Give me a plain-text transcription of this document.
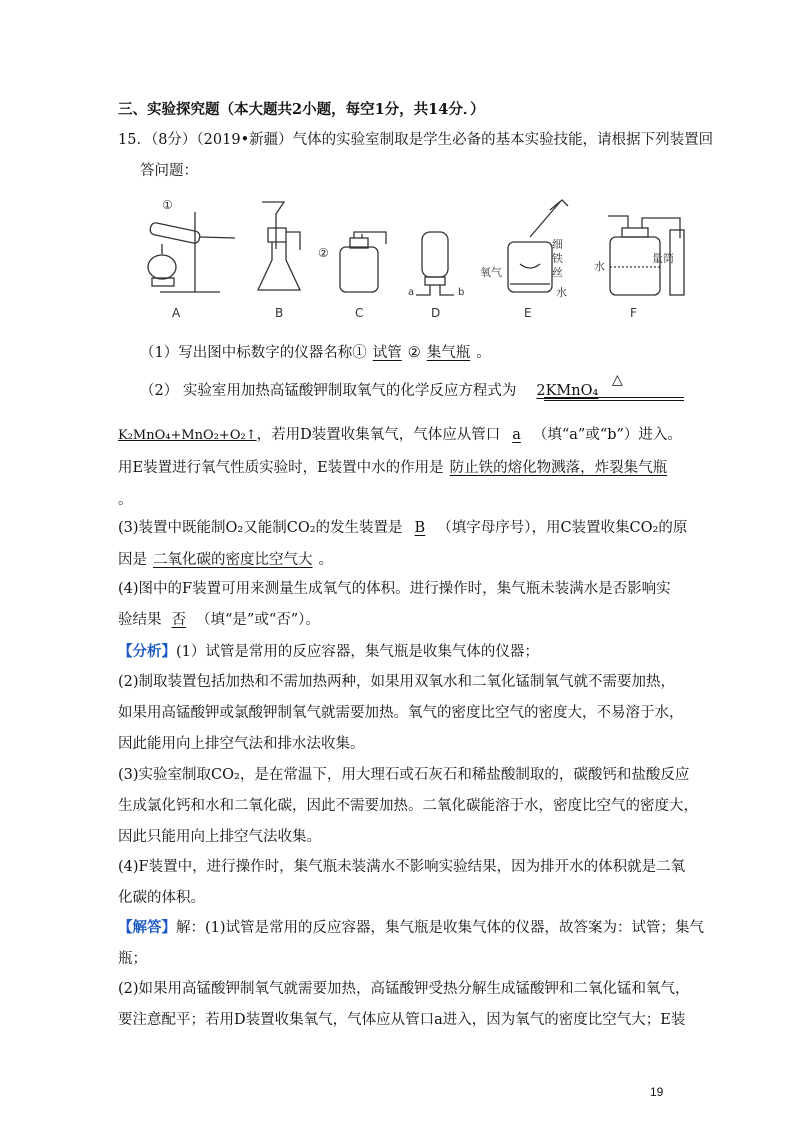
三、实验探究题（本大题共2小题，每空1分，共14分．）
15．（8分）（2019•新疆）气体的实验室制取是学生必备的基本实验技能，请根据下列装置回
答问题：
①
②
a	b
细
铁
丝
氧气
水
水
量筒
A	B	C	D	E	F
（1）写出图中标数字的仪器名称① 试管 ② 集气瓶 。
（2） 实验室用加热高锰酸钾制取氧气的化学反应方程式为 2KMnO₄
△
K₂MnO₄+MnO₂+O₂↑，若用D装置收集氧气，气体应从管口 a （填“a”或“b”）进入。
用E装置进行氧气性质实验时，E装置中水的作用是 防止铁的熔化物溅落，炸裂集气瓶
。
(3)装置中既能制O₂又能制CO₂的发生装置是 B （填字母序号），用C装置收集CO₂的原
因是 二氧化碳的密度比空气大 。
(4)图中的F装置可用来测量生成氧气的体积。进行操作时，集气瓶未装满水是否影响实
验结果 否 （填“是”或“否”）。
【分析】(1）试管是常用的反应容器，集气瓶是收集气体的仪器；
(2)制取装置包括加热和不需加热两种，如果用双氧水和二氧化锰制氧气就不需要加热，
如果用高锰酸钾或氯酸钾制氧气就需要加热。氧气的密度比空气的密度大，不易溶于水，
因此能用向上排空气法和排水法收集。
(3)实验室制取CO₂，是在常温下，用大理石或石灰石和稀盐酸制取的，碳酸钙和盐酸反应
生成氯化钙和水和二氧化碳，因此不需要加热。二氧化碳能溶于水，密度比空气的密度大，
因此只能用向上排空气法收集。
(4)F装置中，进行操作时，集气瓶未装满水不影响实验结果，因为排开水的体积就是二氧
化碳的体积。
【解答】解：(1)试管是常用的反应容器，集气瓶是收集气体的仪器，故答案为：试管；集气
瓶；
(2)如果用高锰酸钾制氧气就需要加热，高锰酸钾受热分解生成锰酸钾和二氧化锰和氧气，
要注意配平；若用D装置收集氧气，气体应从管口a进入，因为氧气的密度比空气大；E装
19
